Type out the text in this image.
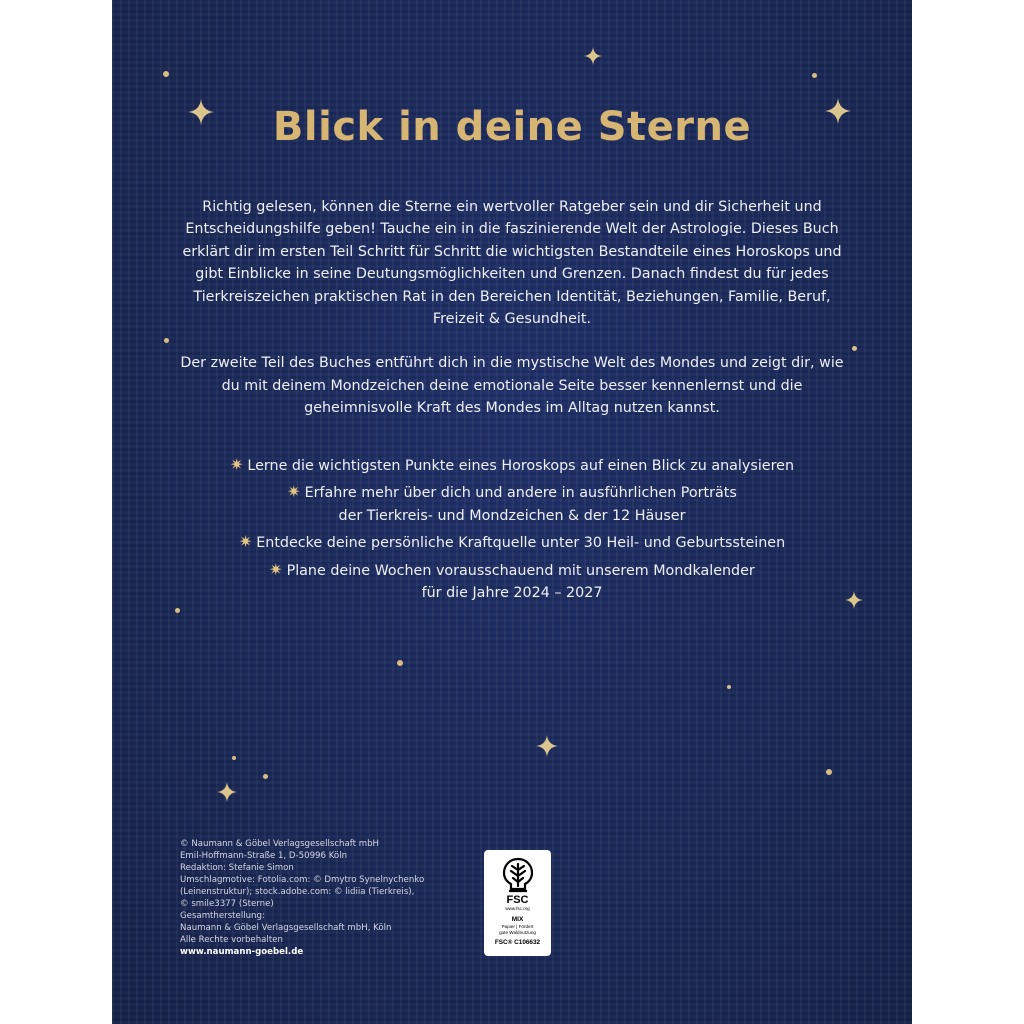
Blick in deine Sterne

Richtig gelesen, können die Sterne ein wertvoller Ratgeber sein und dir Sicherheit und Entscheidungshilfe geben! Tauche ein in die faszinierende Welt der Astrologie. Dieses Buch erklärt dir im ersten Teil Schritt für Schritt die wichtigsten Bestandteile eines Horoskops und gibt Einblicke in seine Deutungsmöglichkeiten und Grenzen. Danach findest du für jedes Tierkreiszeichen praktischen Rat in den Bereichen Identität, Beziehungen, Familie, Beruf, Freizeit & Gesundheit.

Der zweite Teil des Buches entführt dich in die mystische Welt des Mondes und zeigt dir, wie du mit deinem Mondzeichen deine emotionale Seite besser kennenlernst und die geheimnisvolle Kraft des Mondes im Alltag nutzen kannst.

✷ Lerne die wichtigsten Punkte eines Horoskops auf einen Blick zu analysieren
✷ Erfahre mehr über dich und andere in ausführlichen Porträts
der Tierkreis- und Mondzeichen & der 12 Häuser
✷ Entdecke deine persönliche Kraftquelle unter 30 Heil- und Geburtssteinen
✷ Plane deine Wochen vorausschauend mit unserem Mondkalender
für die Jahre 2024 – 2027
© Naumann & Göbel Verlagsgesellschaft mbH
Emil-Hoffmann-Straße 1, D-50996 Köln
Redaktion: Stefanie Simon
Umschlagmotive: Fotolia.com: © Dmytro Synelnychenko
(Leinenstruktur); stock.adobe.com: © lidiia (Tierkreis),
© smile3377 (Sterne)
Gesamtherstellung:
Naumann & Göbel Verlagsgesellschaft mbH, Köln
Alle Rechte vorbehalten
www.naumann-goebel.de
FSC
www.fsc.org
MIX
Papier | Fördert
gute Waldnutzung
FSC® C106632
